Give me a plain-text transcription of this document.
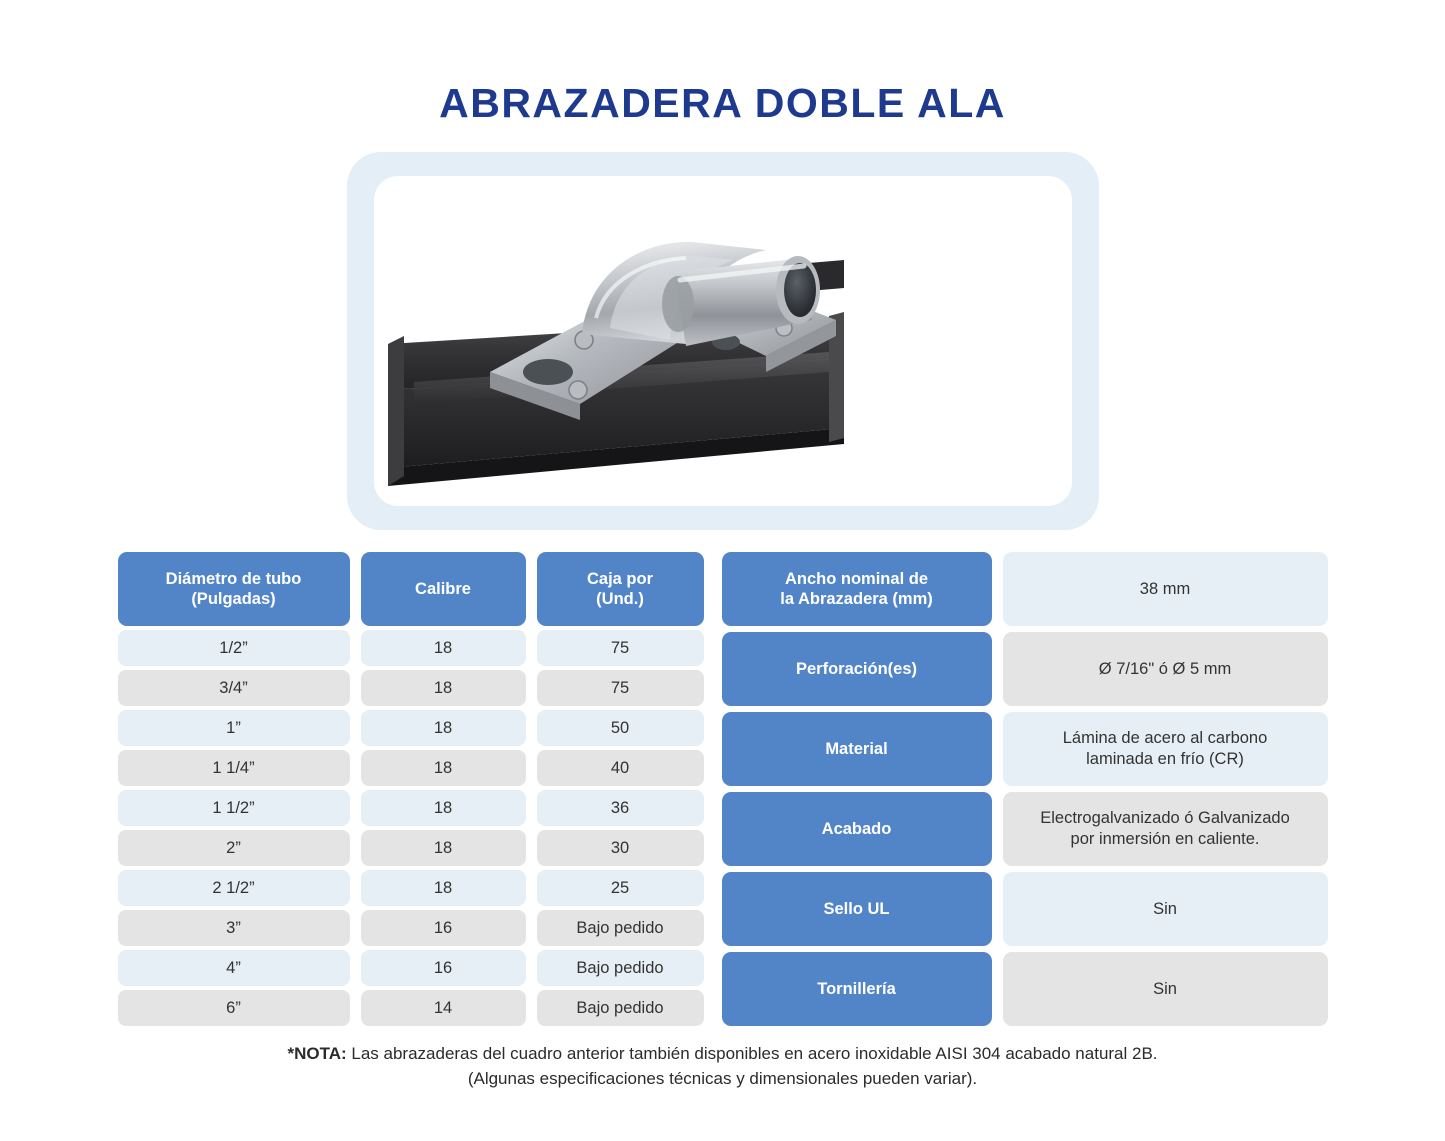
ABRAZADERA DOBLE ALA
Diámetro de tubo
(Pulgadas)
1/2”
3/4”
1”
1 1/4”
1 1/2”
2”
2 1/2”
3”
4”
6”
Calibre
18
18
18
18
18
18
18
16
16
14
Caja por
(Und.)
75
75
50
40
36
30
25
Bajo pedido
Bajo pedido
Bajo pedido
Ancho nominal de
la Abrazadera (mm)
Perforación(es)
Material
Acabado
Sello UL
Tornillería
38 mm
Ø 7/16" ó Ø 5 mm
Lámina de acero al carbono
laminada en frío (CR)
Electrogalvanizado ó Galvanizado
por inmersión en caliente.
Sin
Sin
*NOTA: Las abrazaderas del cuadro anterior también disponibles en acero inoxidable AISI 304 acabado natural 2B.
(Algunas especificaciones técnicas y dimensionales pueden variar).
